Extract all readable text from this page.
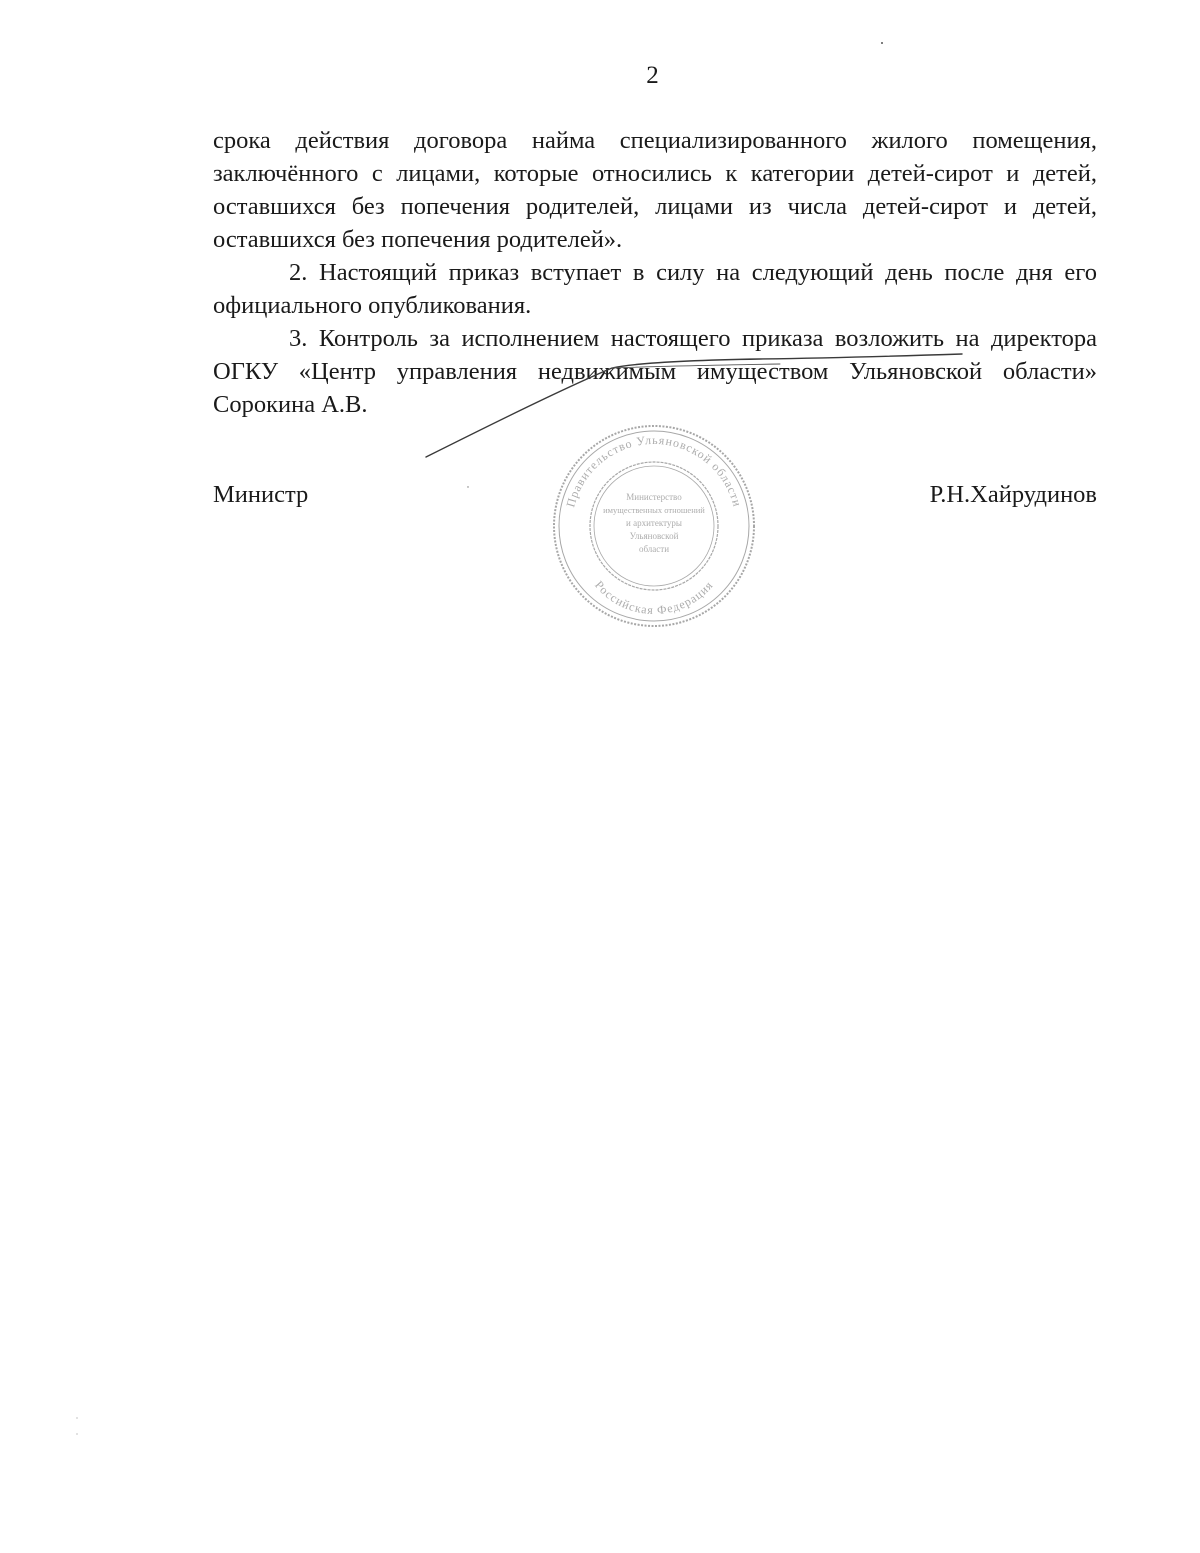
2

срока действия договора найма специализированного жилого помещения, заключённого с лицами, которые относились к категории детей-сирот и детей, оставшихся без попечения родителей, лицами из числа детей-сирот и детей, оставшихся без попечения родителей».

2. Настоящий приказ вступает в силу на следующий день после дня его официального опубликования.

3. Контроль за исполнением настоящего приказа возложить на директора ОГКУ «Центр управления недвижимым имуществом Ульяновской области» Сорокина А.В.

Министр	Р.Н.Хайрудинов
Правительство Ульяновской области
Российская Федерация
Министерство
имущественных отношений
и архитектуры
Ульяновской
области
